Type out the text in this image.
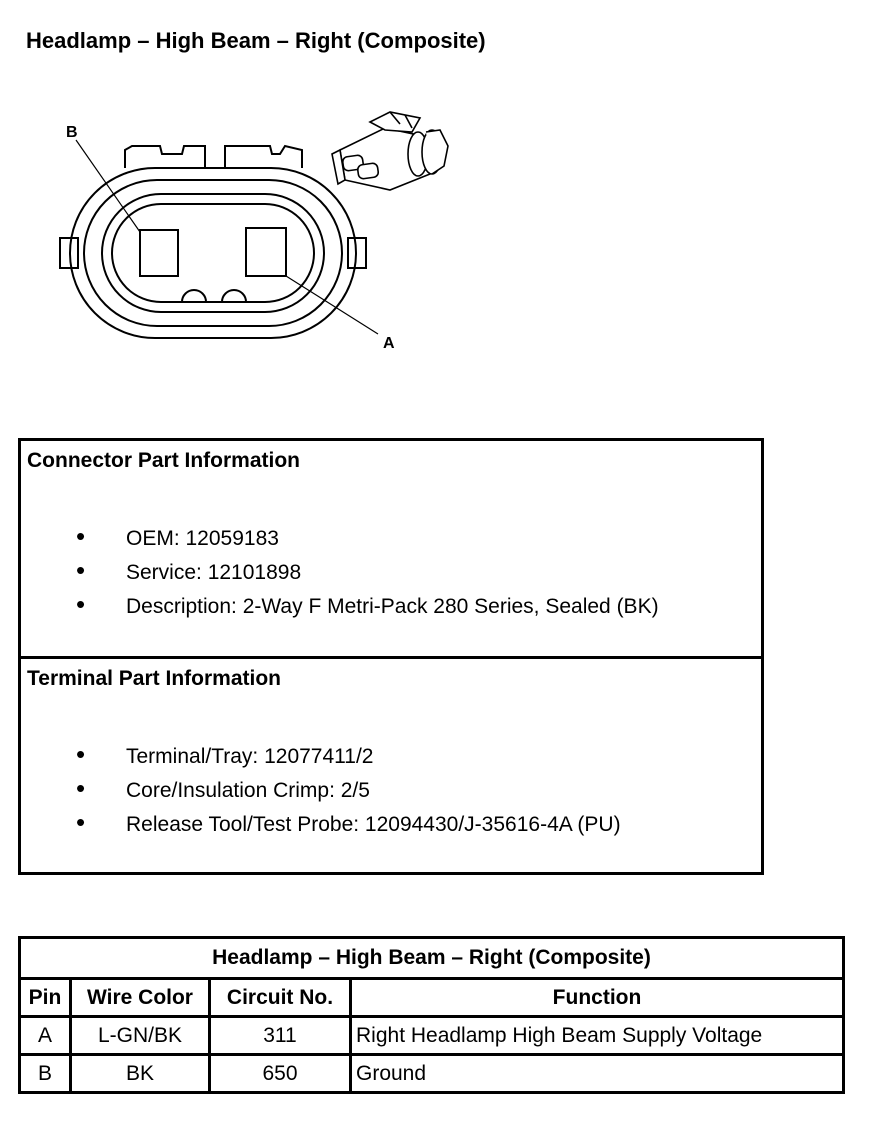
Headlamp – High Beam – Right (Composite)
B
A
Connector Part Information
• OEM: 12059183
• Service: 12101898
• Description: 2-Way F Metri-Pack 280 Series, Sealed (BK)
Terminal Part Information
• Terminal/Tray: 12077411/2
• Core/Insulation Crimp: 2/5
• Release Tool/Test Probe: 12094430/J-35616-4A (PU)
Headlamp – High Beam – Right (Composite)			
Pin	Wire Color	Circuit No.	Function
A	L-GN/BK	311	Right Headlamp High Beam Supply Voltage
B	BK	650	Ground
